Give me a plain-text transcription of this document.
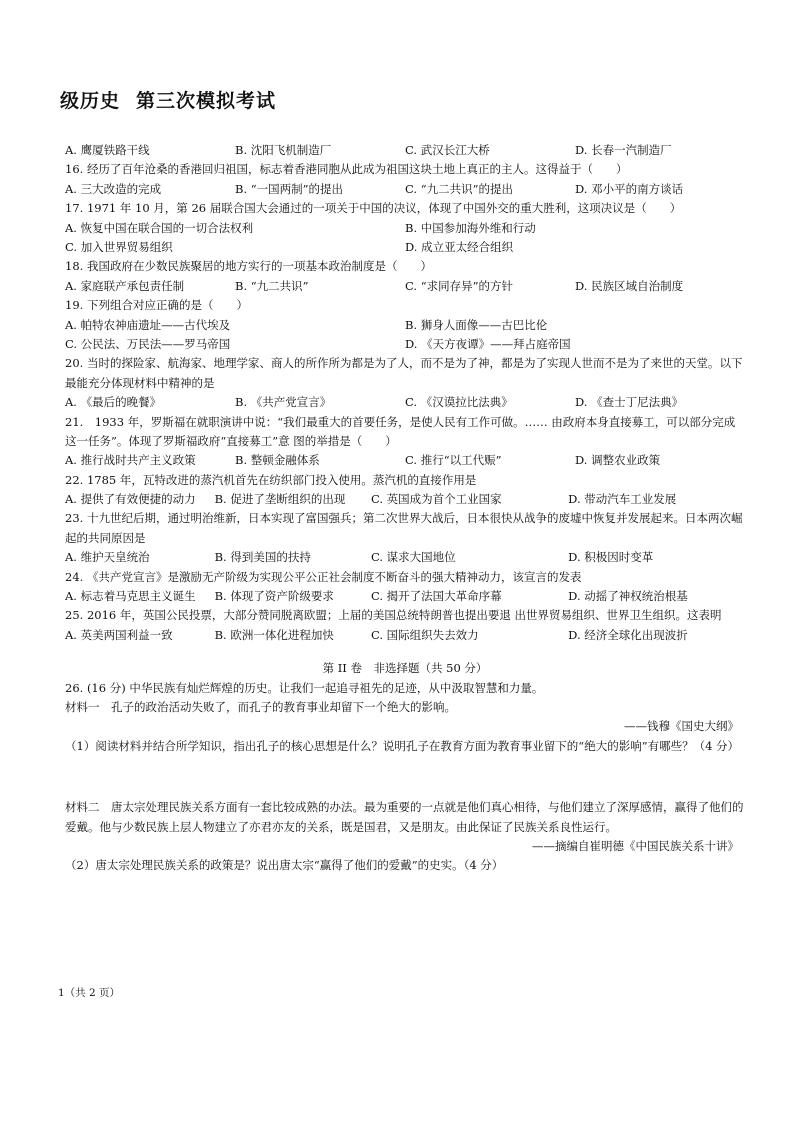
级历史 第三次模拟考试
A. 鹰厦铁路干线	B. 沈阳飞机制造厂	C. 武汉长江大桥	D. 长春一汽制造厂
16. 经历了百年沧桑的香港回归祖国，标志着香港同胞从此成为祖国这块土地上真正的主人。这得益于（　　）
A. 三大改造的完成	B. “一国两制”的提出	C. “九二共识”的提出	D. 邓小平的南方谈话
17. 1971 年 10 月，第 26 届联合国大会通过的一项关于中国的决议，体现了中国外交的重大胜利，这项决议是（　　）
A. 恢复中国在联合国的一切合法权利	B. 中国参加海外维和行动
C. 加入世界贸易组织	D. 成立亚太经合组织
18. 我国政府在少数民族聚居的地方实行的一项基本政治制度是（　　）
A. 家庭联产承包责任制	B. “九二共识”	C. “求同存异”的方针	D. 民族区域自治制度
19. 下列组合对应正确的是（　　）
A. 帕特农神庙遗址——古代埃及	B. 狮身人面像——古巴比伦
C. 公民法、万民法——罗马帝国	D. 《天方夜谭》——拜占庭帝国
20. 当时的探险家、航海家、地理学家、商人的所作所为都是为了人，而不是为了神，都是为了实现人世而不是为了来世的天堂。以下最能充分体现材料中精神的是
A. 《最后的晚餐》	B. 《共产党宣言》	C. 《汉谟拉比法典》	D. 《查士丁尼法典》
21.　1933 年，罗斯福在就职演讲中说：“我们最重大的首要任务，是使人民有工作可做。…… 由政府本身直接募工，可以部分完成这一任务”。体现了罗斯福政府“直接募工”意 图的举措是（　　）
A. 推行战时共产主义政策	B. 整顿金融体系	C. 推行“以工代赈”	D. 调整农业政策
22. 1785 年，瓦特改进的蒸汽机首先在纺织部门投入使用。蒸汽机的直接作用是
A. 提供了有效便捷的动力	B. 促进了垄断组织的出现	C. 英国成为首个工业国家	D. 带动汽车工业发展
23. 十九世纪后期，通过明治维新，日本实现了富国强兵；第二次世界大战后，日本很快从战争的废墟中恢复并发展起来。日本两次崛起的共同原因是
A. 维护天皇统治	B. 得到美国的扶持	C. 谋求大国地位	D. 积极因时变革
24. 《共产党宣言》是激励无产阶级为实现公平公正社会制度不断奋斗的强大精神动力，该宣言的发表
A. 标志着马克思主义诞生	B. 体现了资产阶级要求	C. 揭开了法国大革命序幕	D. 动摇了神权统治根基
25. 2016 年，英国公民投票，大部分赞同脱离欧盟；上届的美国总统特朗普也提出要退 出世界贸易组织、世界卫生组织。这表明
A. 英美两国利益一致	B. 欧洲一体化进程加快	C. 国际组织失去效力	D. 经济全球化出现波折
第 II 卷　非选择题（共 50 分）
26. (16 分) 中华民族有灿烂辉煌的历史。让我们一起追寻祖先的足迹，从中汲取智慧和力量。
材料一　孔子的政治活动失败了，而孔子的教育事业却留下一个绝大的影响。
——钱穆《国史大纲》
（1）阅读材料并结合所学知识，指出孔子的核心思想是什么？说明孔子在教育方面为教育事业留下的“绝大的影响”有哪些？（4 分）
材料二　唐太宗处理民族关系方面有一套比较成熟的办法。最为重要的一点就是他们真心相待，与他们建立了深厚感情，赢得了他们的爱戴。他与少数民族上层人物建立了亦君亦友的关系，既是国君，又是朋友。由此保证了民族关系良性运行。
——摘编自崔明德《中国民族关系十讲》
（2）唐太宗处理民族关系的政策是？说出唐太宗“赢得了他们的爱戴”的史实。（4 分）
1（共 2 页）
